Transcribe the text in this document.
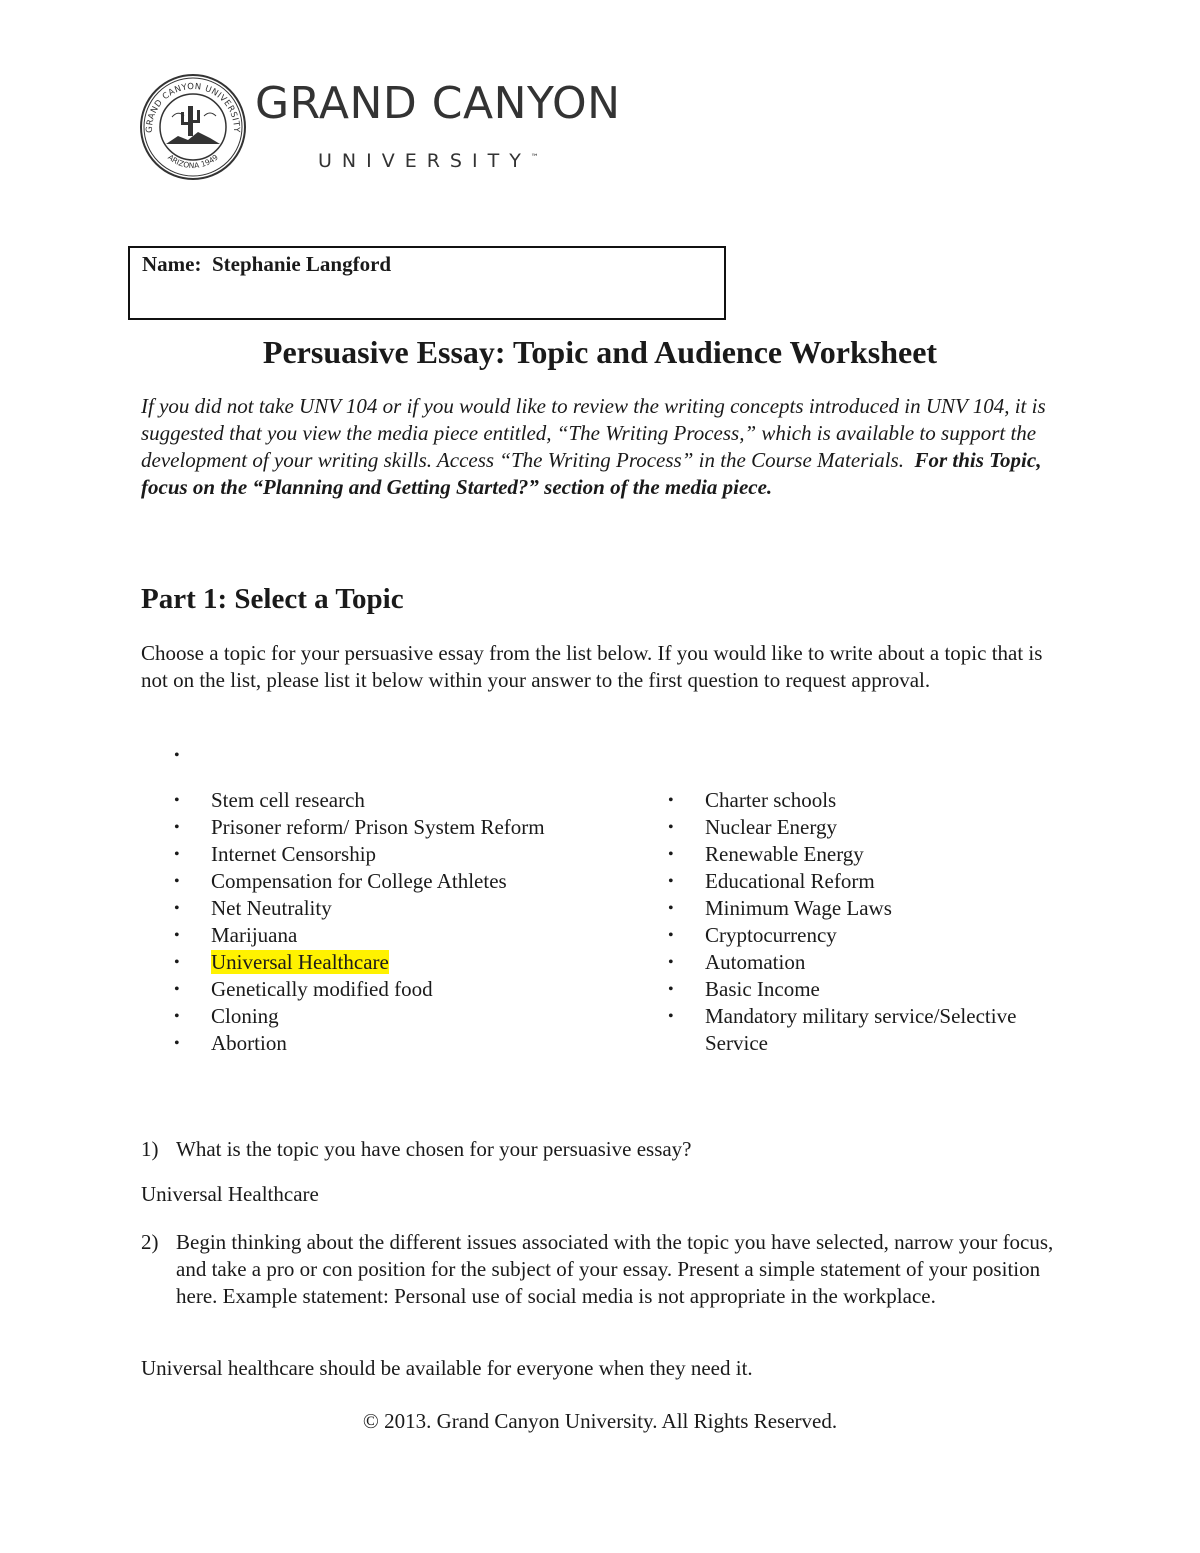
GRAND CANYON UNIVERSITY
ARIZONA 1949
GRAND CANYON
UNIVERSITY™
Name: Stephanie Langford
Persuasive Essay: Topic and Audience Worksheet
If you did not take UNV 104 or if you would like to review the writing concepts introduced in UNV 104, it is suggested that you view the media piece entitled, “The Writing Process,” which is available to support the development of your writing skills. Access “The Writing Process” in the Course Materials. For this Topic, focus on the “Planning and Getting Started?” section of the media piece.
Part 1: Select a Topic
Choose a topic for your persuasive essay from the list below. If you would like to write about a topic that is not on the list, please list it below within your answer to the first question to request approval.
• Stem cell research
• Prisoner reform/ Prison System Reform
• Internet Censorship
• Compensation for College Athletes
• Net Neutrality
• Marijuana
• Universal Healthcare
• Genetically modified food
• Cloning
• Abortion
• Charter schools
• Nuclear Energy
• Renewable Energy
• Educational Reform
• Minimum Wage Laws
• Cryptocurrency
• Automation
• Basic Income
• Mandatory military service/Selective Service
1) What is the topic you have chosen for your persuasive essay?
Universal Healthcare
2) Begin thinking about the different issues associated with the topic you have selected, narrow your focus, and take a pro or con position for the subject of your essay. Present a simple statement of your position here. Example statement: Personal use of social media is not appropriate in the workplace.
Universal healthcare should be available for everyone when they need it.
© 2013. Grand Canyon University. All Rights Reserved.
